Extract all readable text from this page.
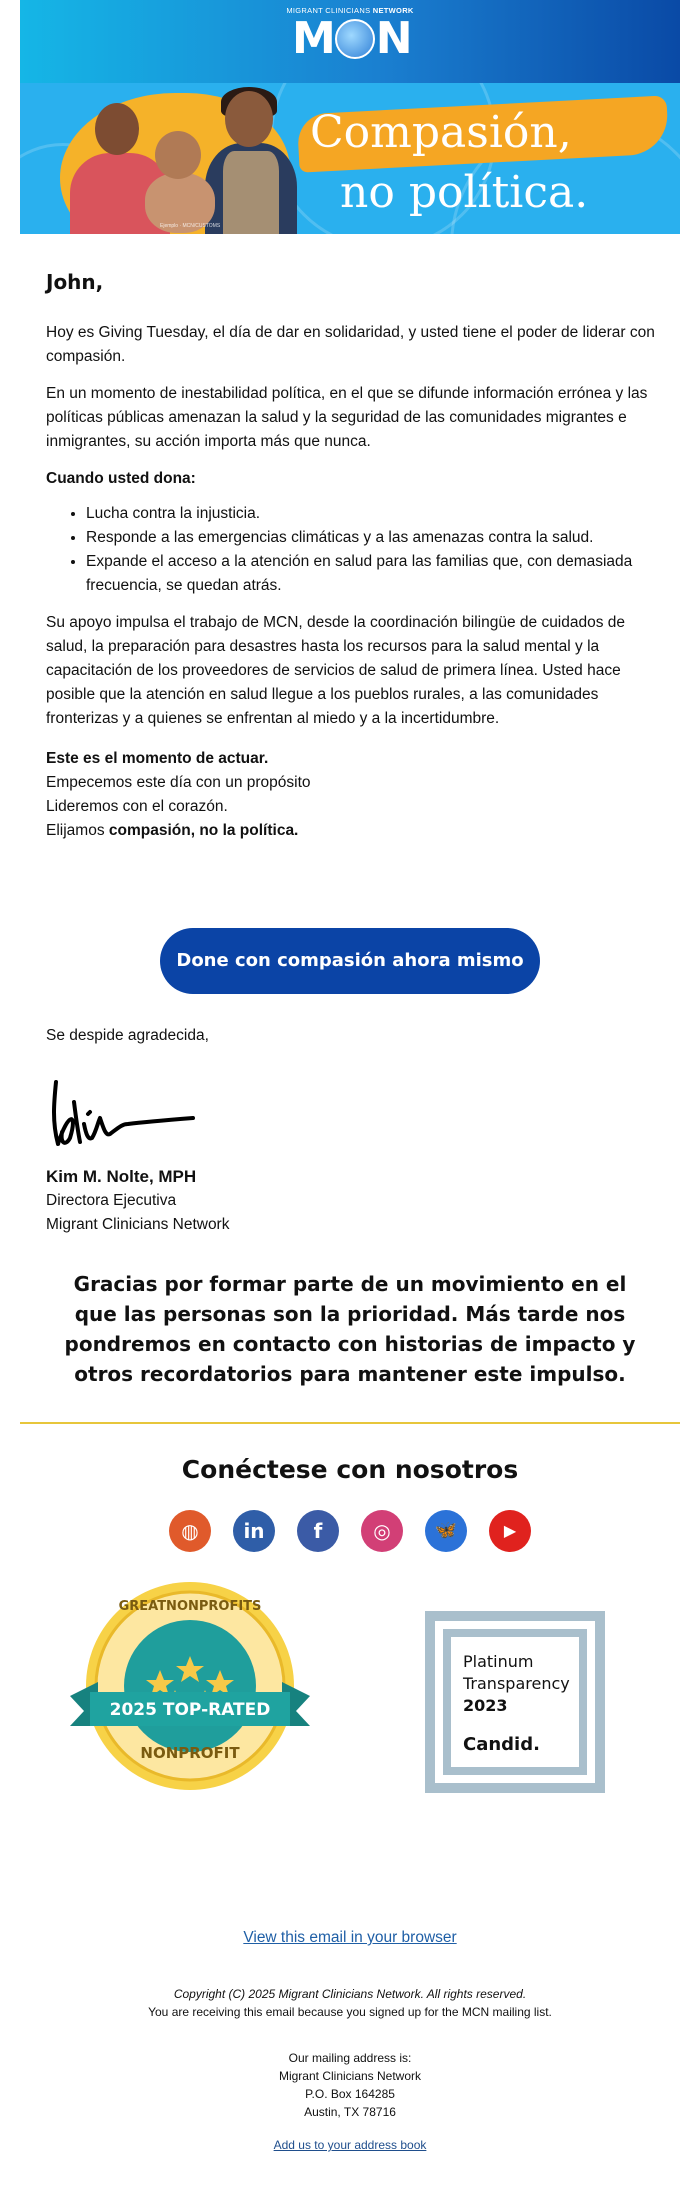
MIGRANT CLINICIANS NETWORK
M N
Ejemplo · MCN/CUSTOMS
Compasión,
no política.
John,
Hoy es Giving Tuesday, el día de dar en solidaridad, y usted tiene el poder de liderar con compasión.
En un momento de inestabilidad política, en el que se difunde información errónea y las políticas públicas amenazan la salud y la seguridad de las comunidades migrantes e inmigrantes, su acción importa más que nunca.
Cuando usted dona:
• Lucha contra la injusticia.
• Responde a las emergencias climáticas y a las amenazas contra la salud.
• Expande el acceso a la atención en salud para las familias que, con demasiada frecuencia, se quedan atrás.
Su apoyo impulsa el trabajo de MCN, desde la coordinación bilingüe de cuidados de salud, la preparación para desastres hasta los recursos para la salud mental y la capacitación de los proveedores de servicios de salud de primera línea. Usted hace posible que la atención en salud llegue a los pueblos rurales, a las comunidades fronterizas y a quienes se enfrentan al miedo y a la incertidumbre.
Este es el momento de actuar.
Empecemos este día con un propósito
Lideremos con el corazón.
Elijamos compasión, no la política.
Done con compasión ahora mismo
Se despide agradecida,
Kim M. Nolte, MPH
Directora Ejecutiva
Migrant Clinicians Network
Gracias por formar parte de un movimiento en el que las personas son la prioridad. Más tarde nos pondremos en contacto con historias de impacto y otros recordatorios para mantener este impulso.
Conéctese con nosotros
◍	in	f	◎	🦋	▶
GREATNONPROFITS
2025 TOP-RATED
NONPROFIT
Platinum
Transparency
2023
Candid.
View this email in your browser
Copyright (C) 2025 Migrant Clinicians Network. All rights reserved.
You are receiving this email because you signed up for the MCN mailing list.
Our mailing address is:
Migrant Clinicians Network
P.O. Box 164285
Austin, TX 78716
Add us to your address book
